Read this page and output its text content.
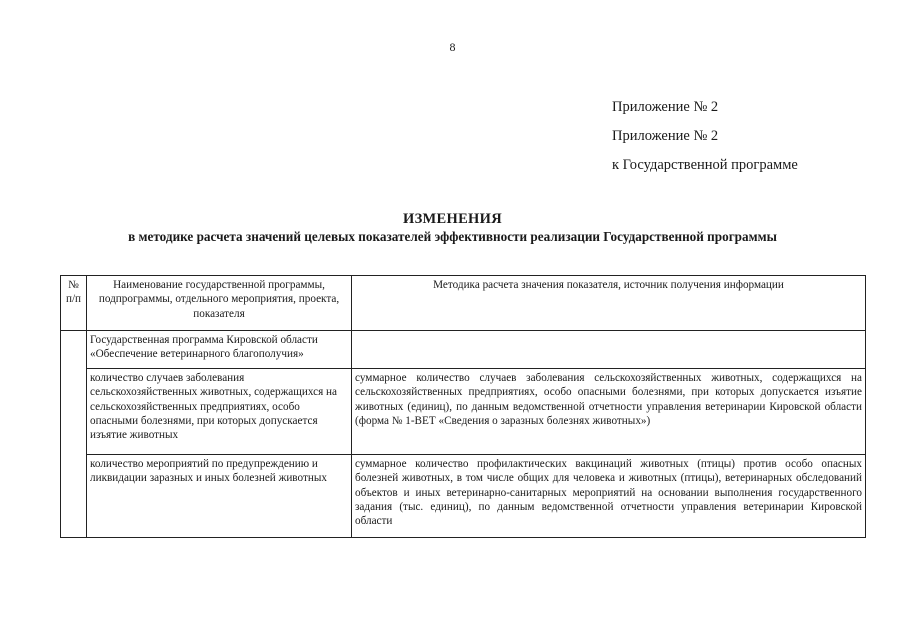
8
Приложение № 2
Приложение № 2
к Государственной программе
ИЗМЕНЕНИЯ
в методике расчета значений целевых показателей эффективности реализации Государственной программы
№ п/п	Наименование государственной программы, подпрограммы, отдельного мероприятия, проекта, показателя	Методика расчета значения показателя, источник получения информации
	Государственная программа Кировской области «Обеспечение ветеринарного благополучия»	
	количество случаев заболевания сельскохозяйственных животных, содержащихся на сельскохозяйственных предприятиях, особо опасными болезнями, при которых допускается изъятие животных	суммарное количество случаев заболевания сельскохозяйственных животных, содержащихся на сельскохозяйственных предприятиях, особо опасными болезнями, при которых допускается изъятие животных (единиц), по данным ведомственной отчетности управления ветеринарии Кировской области (форма № 1-ВЕТ «Сведения о заразных болезнях животных»)
	количество мероприятий по предупреждению и ликвидации заразных и иных болезней животных	суммарное количество профилактических вакцинаций животных (птицы) против особо опасных болезней животных, в том числе общих для человека и животных (птицы), ветеринарных обследований объектов и иных ветеринарно-санитарных мероприятий на основании выполнения государственного задания (тыс. единиц), по данным ведомственной отчетности управления ветеринарии Кировской области
